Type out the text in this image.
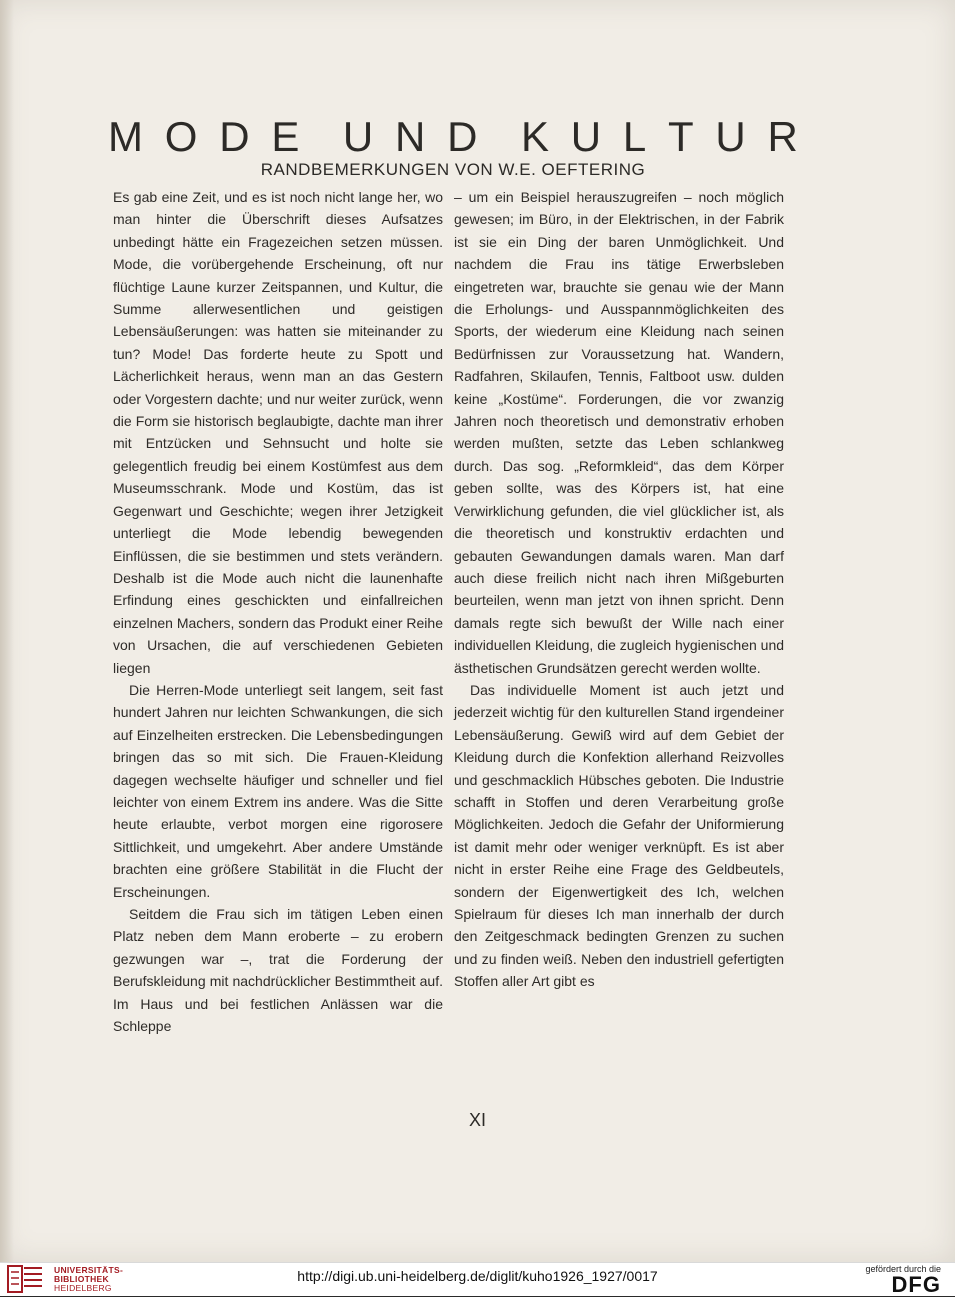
M O D E U N D K U L T U R
RANDBEMERKUNGEN VON W.E. OEFTERING

Es gab eine Zeit, und es ist noch nicht lange her, wo man hinter die Überschrift dieses Aufsatzes unbedingt hätte ein Fragezeichen setzen müssen. Mode, die vorübergehende Erscheinung, oft nur flüchtige Laune kurzer Zeitspannen, und Kultur, die Summe allerwesentlichen und geistigen Lebensäußerungen: was hatten sie miteinander zu tun? Mode! Das forderte heute zu Spott und Lächerlichkeit heraus, wenn man an das Gestern oder Vorgestern dachte; und nur weiter zurück, wenn die Form sie historisch beglaubigte, dachte man ihrer mit Entzücken und Sehnsucht und holte sie gelegentlich freudig bei einem Kostümfest aus dem Museumsschrank. Mode und Kostüm, das ist Gegenwart und Geschichte; wegen ihrer Jetzigkeit unterliegt die Mode lebendig bewegenden Einflüssen, die sie bestimmen und stets verändern. Deshalb ist die Mode auch nicht die launenhafte Erfindung eines geschickten und einfallreichen einzelnen Machers, sondern das Produkt einer Reihe von Ursachen, die auf verschiedenen Gebieten liegen

Die Herren-Mode unterliegt seit langem, seit fast hundert Jahren nur leichten Schwankungen, die sich auf Einzelheiten erstrecken. Die Lebensbedingungen bringen das so mit sich. Die Frauen-Kleidung dagegen wechselte häufiger und schneller und fiel leichter von einem Extrem ins andere. Was die Sitte heute erlaubte, verbot morgen eine rigorosere Sittlichkeit, und umgekehrt. Aber andere Umstände brachten eine größere Stabilität in die Flucht der Erscheinungen.

Seitdem die Frau sich im tätigen Leben einen Platz neben dem Mann eroberte – zu erobern gezwungen war –, trat die Forderung der Berufskleidung mit nachdrücklicher Bestimmtheit auf. Im Haus und bei festlichen Anlässen war die Schleppe

– um ein Beispiel herauszugreifen – noch möglich gewesen; im Büro, in der Elektrischen, in der Fabrik ist sie ein Ding der baren Unmöglichkeit. Und nachdem die Frau ins tätige Erwerbsleben eingetreten war, brauchte sie genau wie der Mann die Erholungs- und Ausspannmöglichkeiten des Sports, der wiederum eine Kleidung nach seinen Bedürfnissen zur Voraussetzung hat. Wandern, Radfahren, Skilaufen, Tennis, Faltboot usw. dulden keine „Kostüme“. Forderungen, die vor zwanzig Jahren noch theoretisch und demonstrativ erhoben werden mußten, setzte das Leben schlankweg durch. Das sog. „Reformkleid“, das dem Körper geben sollte, was des Körpers ist, hat eine Verwirklichung gefunden, die viel glücklicher ist, als die theoretisch und konstruktiv erdachten und gebauten Gewandungen damals waren. Man darf auch diese freilich nicht nach ihren Mißgeburten beurteilen, wenn man jetzt von ihnen spricht. Denn damals regte sich bewußt der Wille nach einer individuellen Kleidung, die zugleich hygienischen und ästhetischen Grundsätzen gerecht werden wollte.

Das individuelle Moment ist auch jetzt und jederzeit wichtig für den kulturellen Stand irgendeiner Lebensäußerung. Gewiß wird auf dem Gebiet der Kleidung durch die Konfektion allerhand Reizvolles und geschmacklich Hübsches geboten. Die Industrie schafft in Stoffen und deren Verarbeitung große Möglichkeiten. Jedoch die Gefahr der Uniformierung ist damit mehr oder weniger verknüpft. Es ist aber nicht in erster Reihe eine Frage des Geldbeutels, sondern der Eigenwertigkeit des Ich, welchen Spielraum für dieses Ich man innerhalb der durch den Zeitgeschmack bedingten Grenzen zu suchen und zu finden weiß. Neben den industriell gefertigten Stoffen aller Art gibt es

XI
UNIVERSITÄTS-
BIBLIOTHEK
HEIDELBERG
http://digi.ub.uni-heidelberg.de/diglit/kuho1926_1927/0017	gefördert durch die
DFG
